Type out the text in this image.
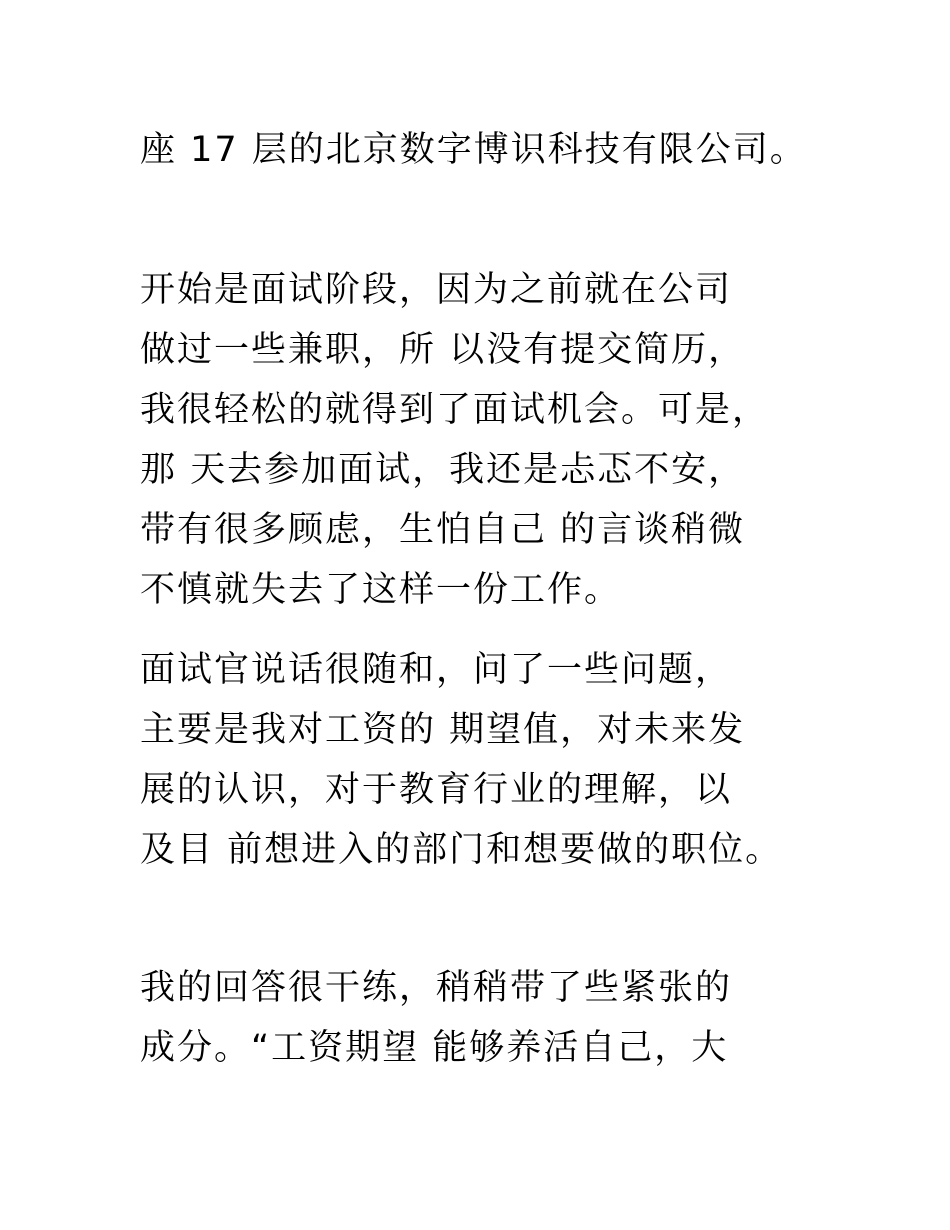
座 17 层的北京数字博识科技有限公司。
开始是面试阶段，因为之前就在公司
做过一些兼职，所 以没有提交简历，
我很轻松的就得到了面试机会。可是，
那 天去参加面试，我还是忐忑不安，
带有很多顾虑，生怕自己 的言谈稍微
不慎就失去了这样一份工作。
面试官说话很随和，问了一些问题，
主要是我对工资的 期望值，对未来发
展的认识，对于教育行业的理解，以
及目 前想进入的部门和想要做的职位。
我的回答很干练，稍稍带了些紧张的
成分。“工资期望 能够养活自己，大
